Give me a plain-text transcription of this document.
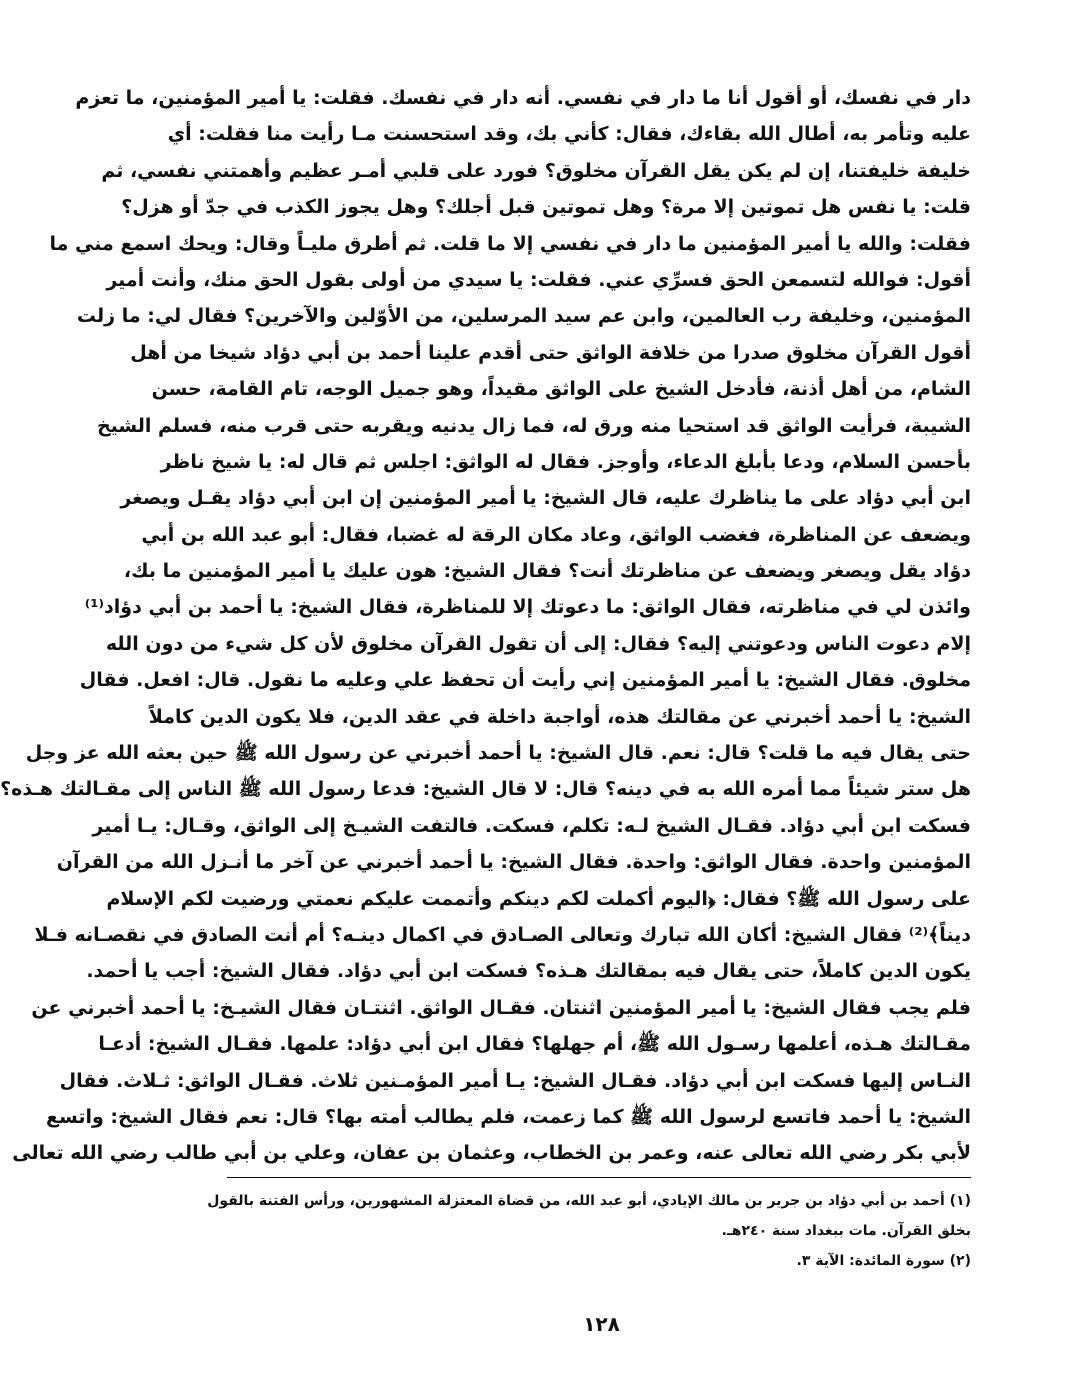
دار في نفسك، أو أقول أنا ما دار في نفسي. أنه دار في نفسك. فقلت: يا أمير المؤمنين، ما تعزم
عليه وتأمر به، أطال الله بقاءك، فقال: كأني بك، وقد استحسنت مـا رأيت منا فقلت: أي
خليفة خليفتنا، إن لم يكن يقل القرآن مخلوق؟ فورد على قلبي أمـر عظيم وأهمتني نفسي، ثم
قلت: يا نفس هل تموتين إلا مرة؟ وهل تموتين قبل أجلك؟ وهل يجوز الكذب في جدّ أو هزل؟
فقلت: والله يا أمير المؤمنين ما دار في نفسي إلا ما قلت. ثم أطرق مليـاً وقال: ويحك اسمع مني ما
أقول: فوالله لتسمعن الحق فسرِّي عني. فقلت: يا سيدي من أولى بقول الحق منك، وأنت أمير
المؤمنين، وخليفة رب العالمين، وابن عم سيد المرسلين، من الأوّلين والآخرين؟ فقال لي: ما زلت
أقول القرآن مخلوق صدرا من خلافة الواثق حتى أقدم علينا أحمد بن أبي دؤاد شيخا من أهل
الشام، من أهل أذنة، فأدخل الشيخ على الواثق مقيداً، وهو جميل الوجه، تام القامة، حسن
الشيبة، فرأيت الواثق قد استحيا منه ورق له، فما زال يدنيه ويقربه حتى قرب منه، فسلم الشيخ
بأحسن السلام، ودعا بأبلغ الدعاء، وأوجز. فقال له الواثق: اجلس ثم قال له: يا شيخ ناظر
ابن أبي دؤاد على ما يناظرك عليه، قال الشيخ: يا أمير المؤمنين إن ابن أبي دؤاد يقـل ويصغر
ويضعف عن المناظرة، فغضب الواثق، وعاد مكان الرقة له غضبا، فقال: أبو عبد الله بن أبي
دؤاد يقل ويصغر ويضعف عن مناظرتك أنت؟ فقال الشيخ: هون عليك يا أمير المؤمنين ما بك،
وائذن لي في مناظرته، فقال الواثق: ما دعوتك إلا للمناظرة، فقال الشيخ: يا أحمد بن أبي دؤاد⁽¹⁾
إلام دعوت الناس ودعوتني إليه؟ فقال: إلى أن تقول القرآن مخلوق لأن كل شيء من دون الله
مخلوق. فقال الشيخ: يا أمير المؤمنين إني رأيت أن تحفظ علي وعليه ما نقول. قال: افعل. فقال
الشيخ: يا أحمد أخبرني عن مقالتك هذه، أواجبة داخلة في عقد الدين، فلا يكون الدين كاملاً
حتى يقال فيه ما قلت؟ قال: نعم. قال الشيخ: يا أحمد أخبرني عن رسول الله ﷺ حين بعثه الله عز وجل
هل ستر شيئاً مما أمره الله به في دينه؟ قال: لا قال الشيخ: فدعا رسول الله ﷺ الناس إلى مقـالتك هـذه؟
فسكت ابن أبي دؤاد. فقـال الشيخ لـه: تكلم، فسكت. فالتفت الشيـخ إلى الواثق، وقـال: يـا أمير
المؤمنين واحدة. فقال الواثق: واحدة. فقال الشيخ: يا أحمد أخبرني عن آخر ما أنـزل الله من القرآن
على رسول الله ﷺ؟ فقال: ﴿اليوم أكملت لكم دينكم وأتممت عليكم نعمتي ورضيت لكم الإسلام
ديناً﴾⁽²⁾ فقال الشيخ: أكان الله تبارك وتعالى الصـادق في اكمال دينـه؟ أم أنت الصادق في نقصـانه فـلا
يكون الدين كاملاً، حتى يقال فيه بمقالتك هـذه؟ فسكت ابن أبي دؤاد. فقال الشيخ: أجب يا أحمد.
فلم يجب فقال الشيخ: يا أمير المؤمنين اثنتان. فقـال الواثق. اثنتـان فقال الشيـخ: يا أحمد أخبرني عن
مقـالتك هـذه، أعلمها رسـول الله ﷺ، أم جهلها؟ فقال ابن أبي دؤاد: علمها. فقـال الشيخ: أدعـا
النـاس إليها فسكت ابن أبي دؤاد. فقـال الشيخ: يـا أمير المؤمـنين ثلاث. فقـال الواثق: ثـلاث. فقال
الشيخ: يا أحمد فاتسع لرسول الله ﷺ كما زعمت، فلم يطالب أمته بها؟ قال: نعم فقال الشيخ: واتسع
لأبي بكر رضي الله تعالى عنه، وعمر بن الخطاب، وعثمان بن عفان، وعلي بن أبي طالب رضي الله تعالى
(١) أحمد بن أبي دؤاد بن جرير بن مالك الإيادي، أبو عبد الله، من قضاة المعتزلة المشهورين، ورأس الفتنة بالقول
بخلق القرآن. مات ببغداد سنة ٢٤٠هـ.
(٢) سورة المائدة: الآية ٣.
١٢٨
